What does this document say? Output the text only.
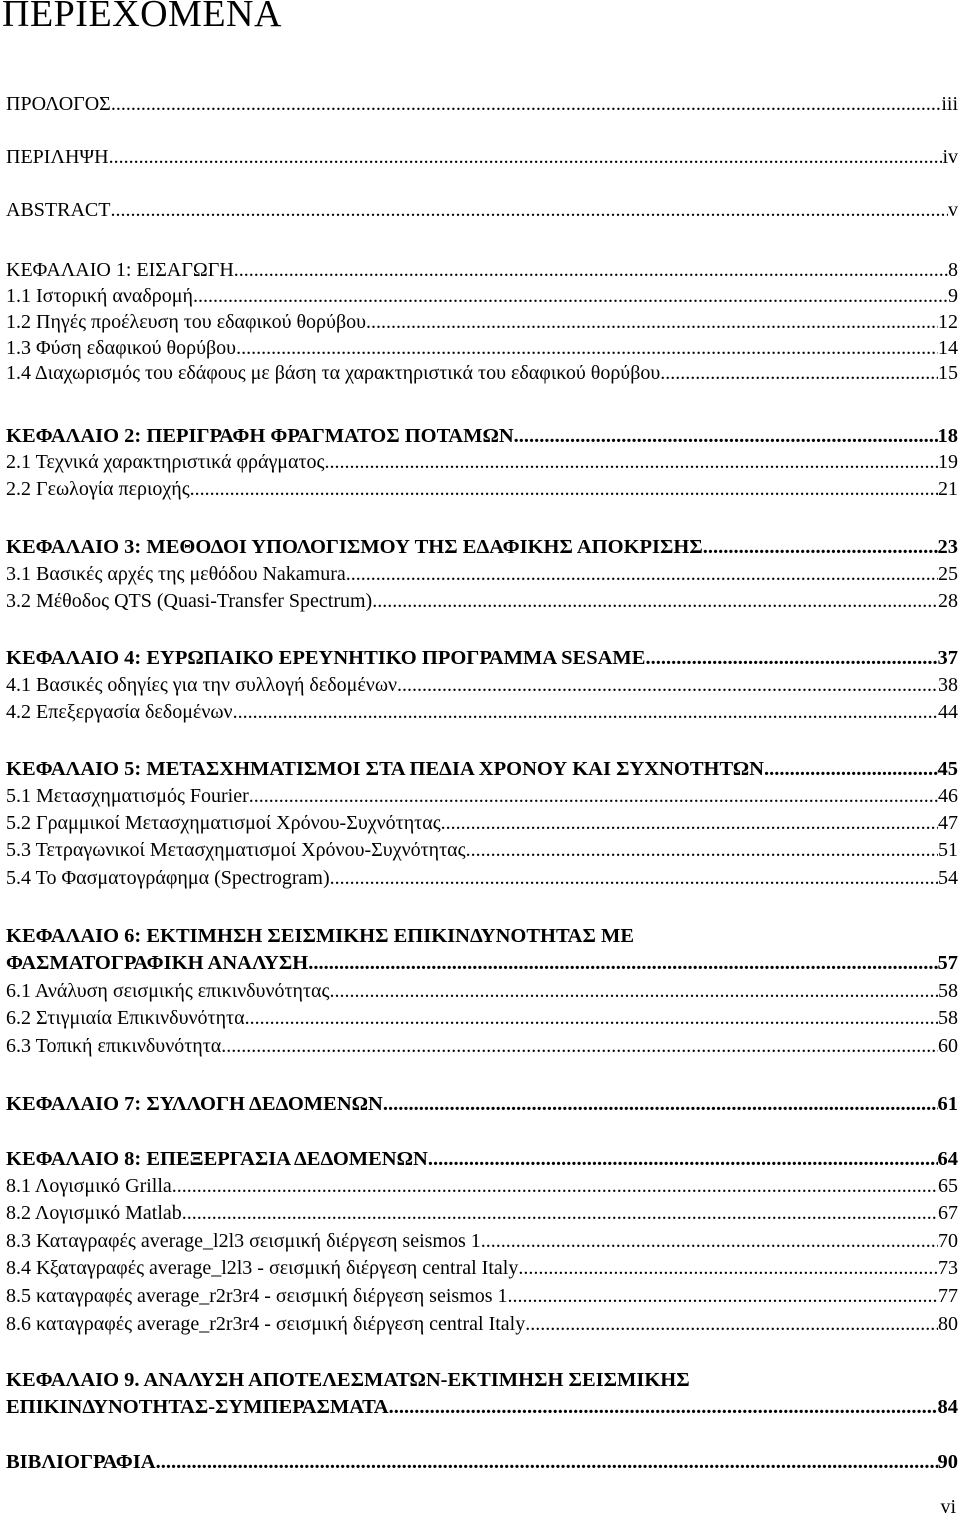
ΠΕΡΙΕΧΟΜΕΝΑ
ΠΡΟΛΟΓΟΣ .....	iii
ΠΕΡΙΛΗΨΗ .....	iv
ABSTRACT .....	v
ΚΕΦΑΛΑΙΟ 1: ΕΙΣΑΓΩΓΗ .....	8
1.1 Ιστορική αναδρομή .....	9
1.2 Πηγές προέλευση του εδαφικού θορύβου .....	12
1.3 Φύση εδαφικού θορύβου .....	14
1.4 Διαχωρισμός του εδάφους με βάση τα χαρακτηριστικά του εδαφικού θορύβου .....	15
ΚΕΦΑΛΑΙΟ 2: ΠΕΡΙΓΡΑΦΗ ΦΡΑΓΜΑΤΟΣ ΠΟΤΑΜΩΝ .....	18
2.1 Τεχνικά χαρακτηριστικά φράγματος .....	19
2.2 Γεωλογία περιοχής .....	21
ΚΕΦΑΛΑΙΟ 3: ΜΕΘΟΔΟΙ ΥΠΟΛΟΓΙΣΜΟΥ ΤΗΣ ΕΔΑΦΙΚΗΣ ΑΠΟΚΡΙΣΗΣ .....	23
3.1 Βασικές αρχές της μεθόδου Nakamura .....	25
3.2 Μέθοδος QTS (Quasi-Transfer Spectrum) .....	28
ΚΕΦΑΛΑΙΟ 4: ΕΥΡΩΠΑΙΚΟ ΕΡΕΥΝΗΤΙΚΟ ΠΡΟΓΡΑΜΜΑ SESAME .....	37
4.1 Βασικές οδηγίες για την συλλογή δεδομένων .....	38
4.2 Επεξεργασία δεδομένων .....	44
ΚΕΦΑΛΑΙΟ 5: ΜΕΤΑΣΧΗΜΑΤΙΣΜΟΙ ΣΤΑ ΠΕΔΙΑ ΧΡΟΝΟΥ ΚΑΙ ΣΥΧΝΟΤΗΤΩΝ .....	45
5.1 Μετασχηματισμός Fourier .....	46
5.2 Γραμμικοί Μετασχηματισμοί Χρόνου-Συχνότητας .....	47
5.3 Τετραγωνικοί Μετασχηματισμοί Χρόνου-Συχνότητας .....	51
5.4 Το Φασματογράφημα (Spectrogram) .....	54
ΚΕΦΑΛΑΙΟ 6: ΕΚΤΙΜΗΣΗ ΣΕΙΣΜΙΚΗΣ ΕΠΙΚΙΝΔΥΝΟΤΗΤΑΣ ΜΕ
ΦΑΣΜΑΤΟΓΡΑΦΙΚΗ ΑΝΑΛΥΣΗ .....	57
6.1 Ανάλυση σεισμικής επικινδυνότητας .....	58
6.2 Στιγμιαία Επικινδυνότητα .....	58
6.3 Τοπική επικινδυνότητα .....	60
ΚΕΦΑΛΑΙΟ 7: ΣΥΛΛΟΓΗ ΔΕΔΟΜΕΝΩΝ .....	61
ΚΕΦΑΛΑΙΟ 8: ΕΠΕΞΕΡΓΑΣΙΑ ΔΕΔΟΜΕΝΩΝ .....	64
8.1 Λογισμικό Grilla .....	65
8.2 Λογισμικό Matlab .....	67
8.3 Καταγραφές average_l2l3 σεισμική διέργεση seismos 1 .....	70
8.4 Κξαταγραφές average_l2l3 - σεισμική διέργεση central Italy .....	73
8.5 καταγραφές average_r2r3r4 - σεισμική διέργεση seismos 1 .....	77
8.6 καταγραφές average_r2r3r4 - σεισμική διέργεση central Italy .....	80
ΚΕΦΑΛΑΙΟ 9. ΑΝΑΛΥΣΗ ΑΠΟΤΕΛΕΣΜΑΤΩΝ-ΕΚΤΙΜΗΣΗ ΣΕΙΣΜΙΚΗΣ
ΕΠΙΚΙΝΔΥΝΟΤΗΤΑΣ-ΣΥΜΠΕΡΑΣΜΑΤΑ .....	84
ΒΙΒΛΙΟΓΡΑΦΙΑ .....	90
vi
